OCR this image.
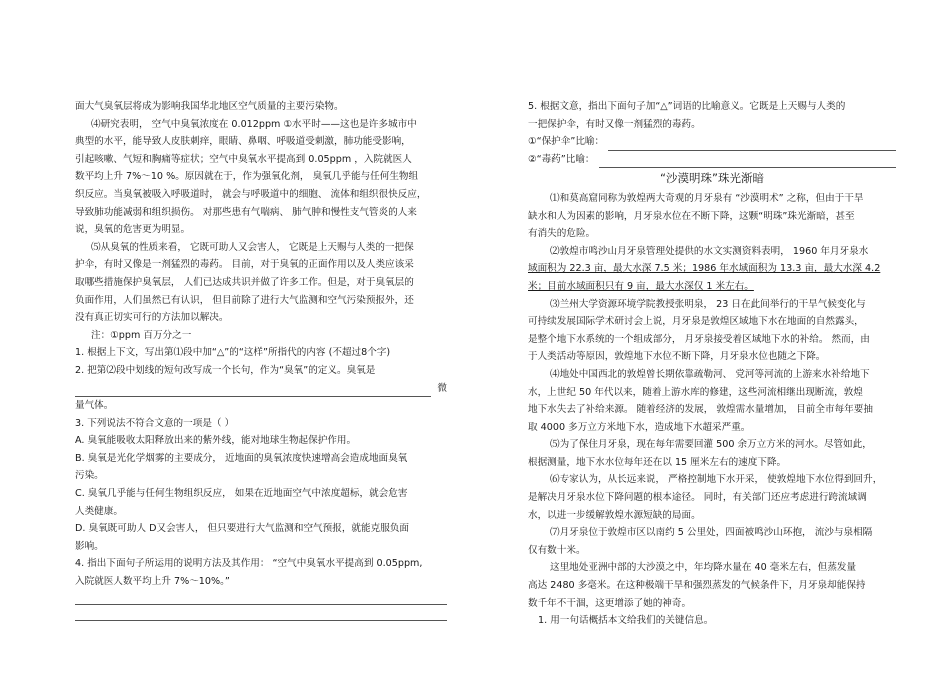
面大气臭氧层将成为影响我国华北地区空气质量的主要污染物。

⑷研究表明， 空气中臭氧浓度在 0.012ppm ①水平时——这也是许多城市中

典型的水平，能导致人皮肤刺痒，眼睛、鼻咽、呼吸道受刺激，肺功能受影响，

引起咳嗽、气短和胸痛等症状；空气中臭氧水平提高到 0.05ppm ，入院就医人

数平均上升 7%～10 %。原因就在于，作为强氧化剂， 臭氧几乎能与任何生物组

织反应。当臭氧被吸入呼吸道时， 就会与呼吸道中的细胞、 流体和组织很快反应，

导致肺功能减弱和组织损伤。 对那些患有气喘病、 肺气肿和慢性支气管炎的人来

说，臭氧的危害更为明显。

⑸从臭氧的性质来看， 它既可助人又会害人， 它既是上天赐与人类的一把保

护伞，有时又像是一剂猛烈的毒药。 目前，对于臭氧的正面作用以及人类应该采

取哪些措施保护臭氧层， 人们已达成共识并做了许多工作。但是，对于臭氧层的

负面作用，人们虽然已有认识， 但目前除了进行大气监测和空气污染预报外，还

没有真正切实可行的方法加以解决。

注：①ppm 百万分之一

1. 根据上下文，写出第⑴段中加“△”的“这样”所指代的内容 (不超过8个字)

2. 把第⑵段中划线的短句改写成一个长句，作为“臭氧”的定义。臭氧是

微

量气体。

3. 下列说法不符合文意的一项是（ ）

A. 臭氧能吸收太阳释放出来的紫外线，能对地球生物起保护作用。

B. 臭氧是光化学烟雾的主要成分， 近地面的臭氧浓度快速增高会造成地面臭氧

污染。

C. 臭氧几乎能与任何生物组织反应， 如果在近地面空气中浓度超标，就会危害

人类健康。

D. 臭氧既可助人 D又会害人， 但只要进行大气监测和空气预报，就能克服负面

影响。

4. 指出下面句子所运用的说明方法及其作用： “空气中臭氧水平提高到 0.05ppm,

入院就医人数平均上升 7%～10%。”

5. 根据文意，指出下面句子加“△”词语的比喻意义。它既是上天赐与人类的

一把保护伞，有时又像一剂猛烈的毒药。

①“保护伞”比喻：
②“毒药”比喻：

“沙漠明珠”珠光渐暗

⑴和莫高窟同称为敦煌两大奇观的月牙泉有 “沙漠明术” 之称，但由于干旱

缺水和人为因素的影响，月牙泉水位在不断下降，这颗“明珠”珠光渐暗，甚至

有消失的危险。

⑵敦煌市鸣沙山月牙泉管理处提供的水文实测资料表明， 1960 年月牙泉水

域面积为 22.3 亩，最大水深 7.5 米；1986 年水域面积为 13.3 亩，最大水深 4.2

米；目前水域面积只有 9 亩，最大水深仅 1 米左右。

⑶兰州大学资源环境学院教授张明泉， 23 日在此间举行的干旱气候变化与

可持续发展国际学术研讨会上说，月牙泉是敦煌区域地下水在地面的自然露头，

是整个地下水系统的一个组成部分， 月牙泉接受着区域地下水的补给。 然而，由

于人类活动等原因，敦煌地下水位不断下降，月牙泉水位也随之下降。

⑷地处中国西北的敦煌曾长期依靠疏勒河、 党河等河流的上游来水补给地下

水，上世纪 50 年代以来，随着上游水库的修建，这些河流相继出现断流，敦煌

地下水失去了补给来源。 随着经济的发展， 敦煌需水量增加， 目前全市每年要抽

取 4000 多万立方米地下水，造成地下水超采严重。

⑸为了保住月牙泉，现在每年需要回灌 500 余万立方米的河水。尽管如此，

根据测量，地下水水位每年还在以 15 厘米左右的速度下降。

⑹专家认为，从长远来说， 严格控制地下水开采， 使敦煌地下水位得到回升，

是解决月牙泉水位下降问题的根本途径。 同时，有关部门还应考虑进行跨流域调

水，以进一步缓解敦煌水源短缺的局面。

⑺月牙泉位于敦煌市区以南约 5 公里处，四面被鸣沙山环抱， 流沙与泉相隔

仅有数十米。

这里地处亚洲中部的大沙漠之中，年均降水量在 40 毫米左右，但蒸发量

高达 2480 多毫米。在这种极端干旱和强烈蒸发的气候条件下，月牙泉却能保持

数千年不干涸，这更增添了她的神奇。

1. 用一句话概括本文给我们的关键信息。
